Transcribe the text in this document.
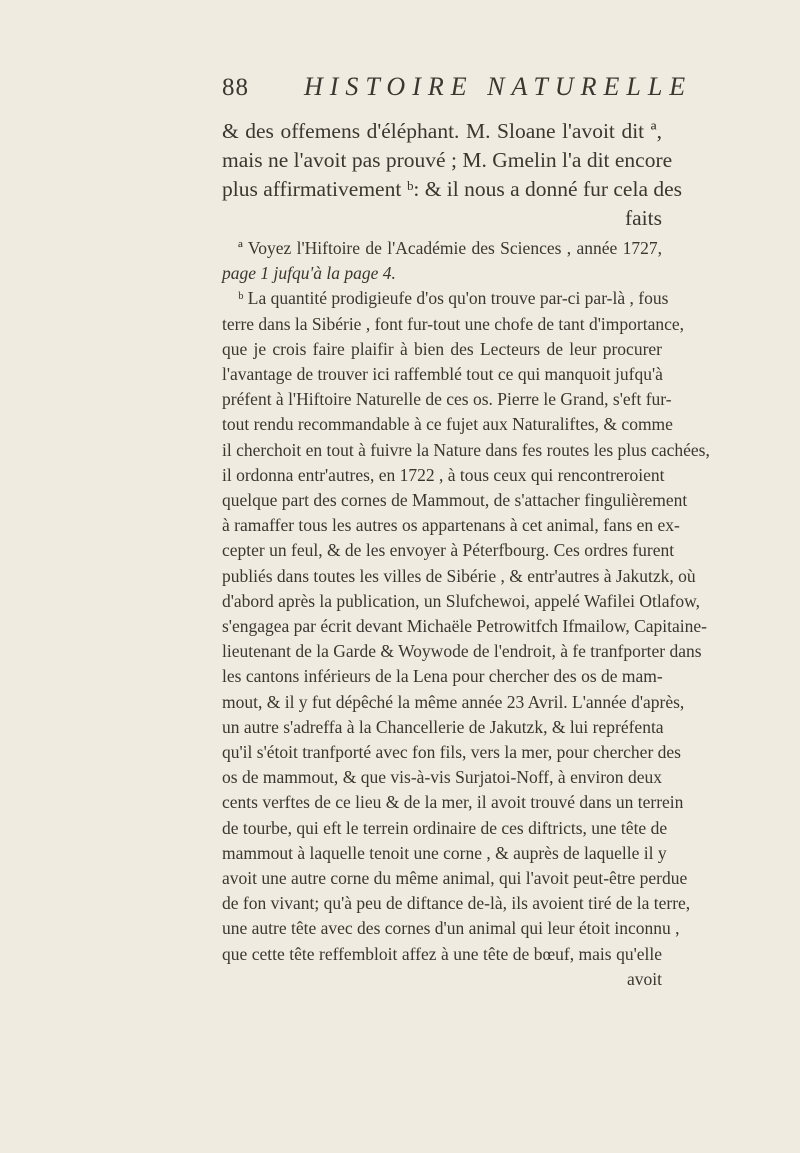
88 HISTOIRE NATURELLE
& des offemens d'éléphant. M. Sloane l'avoit dit ª,
mais ne l'avoit pas prouvé ; M. Gmelin l'a dit encore
plus affirmativement ᵇ: & il nous a donné fur cela des
faits
ª Voyez l'Hiftoire de l'Académie des Sciences , année 1727,
page 1 jufqu'à la page 4.
ᵇ La quantité prodigieufe d'os qu'on trouve par-ci par-là , fous
terre dans la Sibérie , font fur-tout une chofe de tant d'importance,
que je crois faire plaifir à bien des Lecteurs de leur procurer
l'avantage de trouver ici raffemblé tout ce qui manquoit jufqu'à
préfent à l'Hiftoire Naturelle de ces os. Pierre le Grand, s'eft fur-
tout rendu recommandable à ce fujet aux Naturaliftes, & comme
il cherchoit en tout à fuivre la Nature dans fes routes les plus cachées,
il ordonna entr'autres, en 1722 , à tous ceux qui rencontreroient
quelque part des cornes de Mammout, de s'attacher fingulièrement
à ramaffer tous les autres os appartenans à cet animal, fans en ex-
cepter un feul, & de les envoyer à Péterfbourg. Ces ordres furent
publiés dans toutes les villes de Sibérie , & entr'autres à Jakutzk, où
d'abord après la publication, un Slufchewoi, appelé Wafilei Otlafow,
s'engagea par écrit devant Michaële Petrowitfch Ifmailow, Capitaine-
lieutenant de la Garde & Woywode de l'endroit, à fe tranfporter dans
les cantons inférieurs de la Lena pour chercher des os de mam-
mout, & il y fut dépêché la même année 23 Avril. L'année d'après,
un autre s'adreffa à la Chancellerie de Jakutzk, & lui repréfenta
qu'il s'étoit tranfporté avec fon fils, vers la mer, pour chercher des
os de mammout, & que vis-à-vis Surjatoi-Noff, à environ deux
cents verftes de ce lieu & de la mer, il avoit trouvé dans un terrein
de tourbe, qui eft le terrein ordinaire de ces diftricts, une tête de
mammout à laquelle tenoit une corne , & auprès de laquelle il y
avoit une autre corne du même animal, qui l'avoit peut-être perdue
de fon vivant; qu'à peu de diftance de-là, ils avoient tiré de la terre,
une autre tête avec des cornes d'un animal qui leur étoit inconnu ,
que cette tête reffembloit affez à une tête de bœuf, mais qu'elle
avoit
